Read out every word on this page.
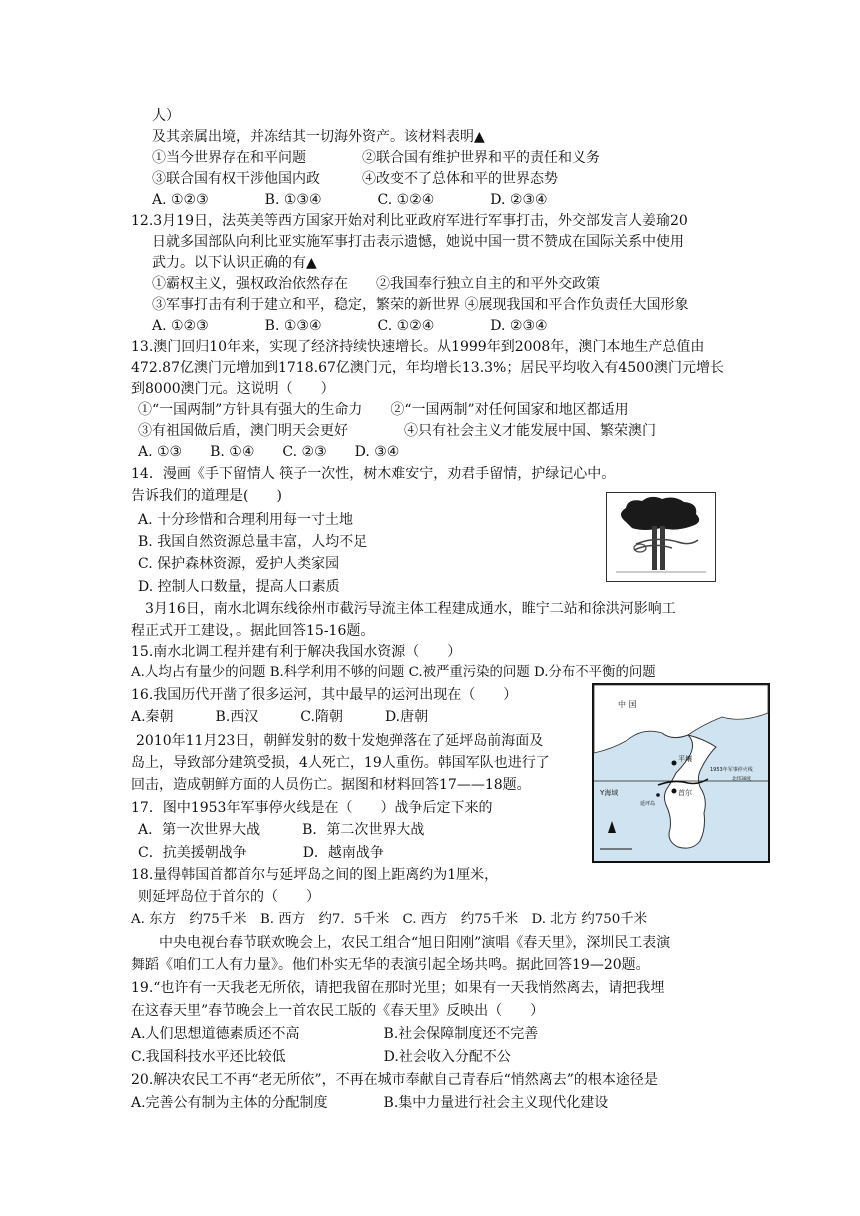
人）
及其亲属出境，并冻结其一切海外资产。该材料表明▲
①当今世界存在和平问题　　　　②联合国有维护世界和平的责任和义务
③联合国有权干涉他国内政　　　④改变不了总体和平的世界态势
A. ①②③　　　　B. ①③④　　　　C. ①②④　　　　D. ②③④
12.3月19日，法英美等西方国家开始对利比亚政府军进行军事打击，外交部发言人姜瑜20
日就多国部队向利比亚实施军事打击表示遗憾，她说中国一贯不赞成在国际关系中使用
武力。以下认识正确的有▲
①霸权主义，强权政治依然存在　　②我国奉行独立自主的和平外交政策
③军事打击有利于建立和平，稳定，繁荣的新世界 ④展现我国和平合作负责任大国形象
A. ①②③　　　　B. ①③④　　　　C. ①②④　　　　D. ②③④
13.澳门回归10年来，实现了经济持续快速增长。从1999年到2008年，澳门本地生产总值由
472.87亿澳门元增加到1718.67亿澳门元，年均增长13.3%；居民平均收入有4500澳门元增长
到8000澳门元。这说明（　　）
①“一国两制”方针具有强大的生命力　　②“一国两制”对任何国家和地区都适用
③有祖国做后盾，澳门明天会更好　　　　④只有社会主义才能发展中国、繁荣澳门
A. ①③　　B. ①④　　C. ②③　　D. ③④
14．漫画《手下留情人 筷子一次性，树木难安宁，劝君手留情，护绿记心中。
告诉我们的道理是(　　)
A. 十分珍惜和合理利用每一寸土地
B. 我国自然资源总量丰富，人均不足
C. 保护森林资源，爱护人类家园
D. 控制人口数量，提高人口素质
3月16日，南水北调东线徐州市截污导流主体工程建成通水，睢宁二站和徐洪河影响工
程正式开工建设，。据此回答15-16题。
15.南水北调工程并建有利于解决我国水资源（　　）
A.人均占有量少的问题 B.科学利用不够的问题 C.被严重污染的问题 D.分布不平衡的问题
16.我国历代开凿了很多运河，其中最早的运河出现在（　　）
A.秦朝　　　B.西汉　　　C.隋朝　　　D.唐朝
2010年11月23日，朝鲜发射的数十发炮弹落在了延坪岛前海面及
岛上，导致部分建筑受损，4人死亡，19人重伤。韩国军队也进行了
回击，造成朝鲜方面的人员伤亡。据图和材料回答17——18题。
17．图中1953年军事停火线是在（　　）战争后定下来的
A．第一次世界大战　　　B．第二次世界大战
C．抗美援朝战争　　　　D．越南战争
18.量得韩国首都首尔与延坪岛之间的图上距离约为1厘米，
则延坪岛位于首尔的（　　）
A. 东方　约75千米　B. 西方　约7．5千米　C. 西方　约75千米　D. 北方 约750千米
中央电视台春节联欢晚会上，农民工组合“旭日阳刚”演唱《春天里》，深圳民工表演
舞蹈《咱们工人有力量》。他们朴实无华的表演引起全场共鸣。据此回答19—20题。
19.“也许有一天我老无所依，请把我留在那时光里；如果有一天我悄然离去，请把我埋
在这春天里”春节晚会上一首农民工版的《春天里》反映出（　　）
A.人们思想道德素质还不高　　　　　　B.社会保障制度还不完善
C.我国科技水平还比较低　　　　　　　D.社会收入分配不公
20.解决农民工不再“老无所依”，不再在城市奉献自己青春后“悄然离去”的根本途径是
A.完善公有制为主体的分配制度　　　　B.集中力量进行社会主义现代化建设
中 国
平壤
首尔
Y海域
延坪岛
1953年军事停火线
北纬38度
